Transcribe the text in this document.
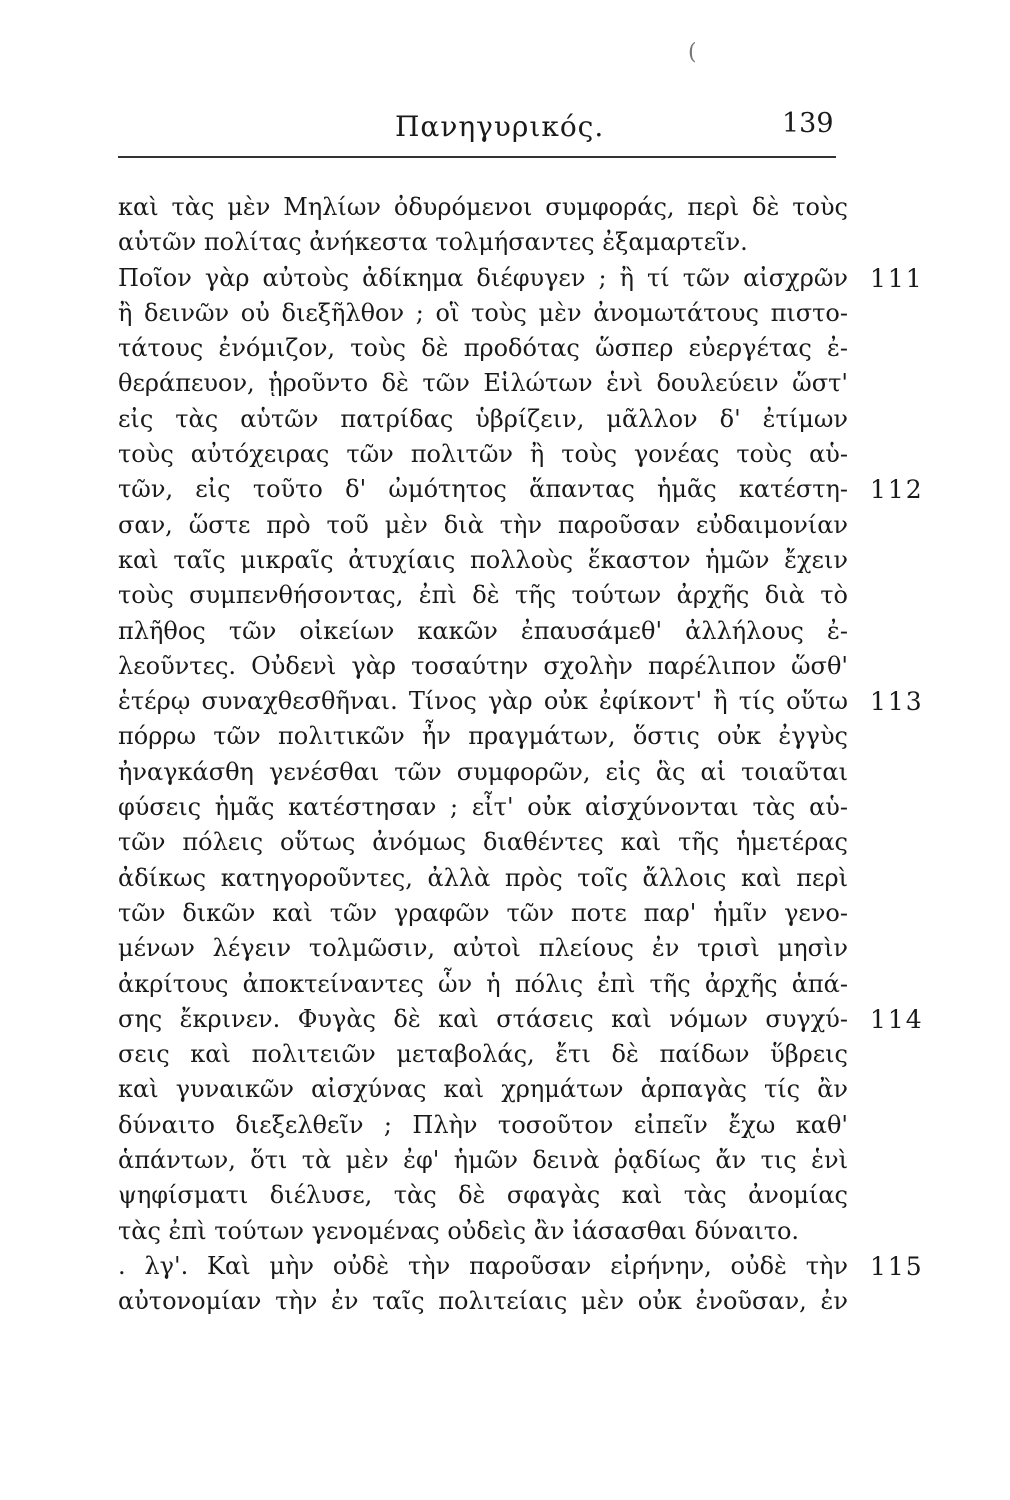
Πανηγυρικός.	139
(
καὶ τὰς μὲν Μηλίων ὀδυρόμενοι συμφοράς, περὶ δὲ τοὺς
αὑτῶν πολίτας ἀνήκεστα τολμήσαντες ἐξαμαρτεῖν.
Ποῖον γὰρ αὐτοὺς ἀδίκημα διέφυγεν ; ἢ τί τῶν αἰσχρῶν 111
ἢ δεινῶν οὐ διεξῆλθον ; οἳ τοὺς μὲν ἀνομωτάτους πιστο-
τάτους ἐνόμιζον, τοὺς δὲ προδότας ὥσπερ εὐεργέτας ἐ-
θεράπευον, ᾑροῦντο δὲ τῶν Εἱλώτων ἑνὶ δουλεύειν ὥστ'
εἰς τὰς αὑτῶν πατρίδας ὑβρίζειν, μᾶλλον δ' ἐτίμων
τοὺς αὐτόχειρας τῶν πολιτῶν ἢ τοὺς γονέας τοὺς αὑ-
τῶν, εἰς τοῦτο δ' ὠμότητος ἅπαντας ἡμᾶς κατέστη- 112
σαν, ὥστε πρὸ τοῦ μὲν διὰ τὴν παροῦσαν εὐδαιμονίαν
καὶ ταῖς μικραῖς ἀτυχίαις πολλοὺς ἕκαστον ἡμῶν ἔχειν
τοὺς συμπενθήσοντας, ἐπὶ δὲ τῆς τούτων ἀρχῆς διὰ τὸ
πλῆθος τῶν οἰκείων κακῶν ἐπαυσάμεθ' ἀλλήλους ἐ-
λεοῦντες. Οὐδενὶ γὰρ τοσαύτην σχολὴν παρέλιπον ὥσθ'
ἑτέρῳ συναχθεσθῆναι. Τίνος γὰρ οὐκ ἐφίκοντ' ἢ τίς οὕτω 113
πόρρω τῶν πολιτικῶν ἦν πραγμάτων, ὅστις οὐκ ἐγγὺς
ἠναγκάσθη γενέσθαι τῶν συμφορῶν, εἰς ἃς αἱ τοιαῦται
φύσεις ἡμᾶς κατέστησαν ; εἶτ' οὐκ αἰσχύνονται τὰς αὑ-
τῶν πόλεις οὕτως ἀνόμως διαθέντες καὶ τῆς ἡμετέρας
ἀδίκως κατηγοροῦντες, ἀλλὰ πρὸς τοῖς ἄλλοις καὶ περὶ
τῶν δικῶν καὶ τῶν γραφῶν τῶν ποτε παρ' ἡμῖν γενο-
μένων λέγειν τολμῶσιν, αὐτοὶ πλείους ἐν τρισὶ μησὶν
ἀκρίτους ἀποκτείναντες ὧν ἡ πόλις ἐπὶ τῆς ἀρχῆς ἁπά-
σης ἔκρινεν. Φυγὰς δὲ καὶ στάσεις καὶ νόμων συγχύ- 114
σεις καὶ πολιτειῶν μεταβολάς, ἔτι δὲ παίδων ὕβρεις
καὶ γυναικῶν αἰσχύνας καὶ χρημάτων ἁρπαγὰς τίς ἂν
δύναιτο διεξελθεῖν ; Πλὴν τοσοῦτον εἰπεῖν ἔχω καθ'
ἁπάντων, ὅτι τὰ μὲν ἐφ' ἡμῶν δεινὰ ῥᾳδίως ἄν τις ἑνὶ
ψηφίσματι διέλυσε, τὰς δὲ σφαγὰς καὶ τὰς ἀνομίας
τὰς ἐπὶ τούτων γενομένας οὐδεὶς ἂν ἰάσασθαι δύναιτο.
. λγ'. Καὶ μὴν οὐδὲ τὴν παροῦσαν εἰρήνην, οὐδὲ τὴν 115
αὐτονομίαν τὴν ἐν ταῖς πολιτείαις μὲν οὐκ ἐνοῦσαν, ἐν
